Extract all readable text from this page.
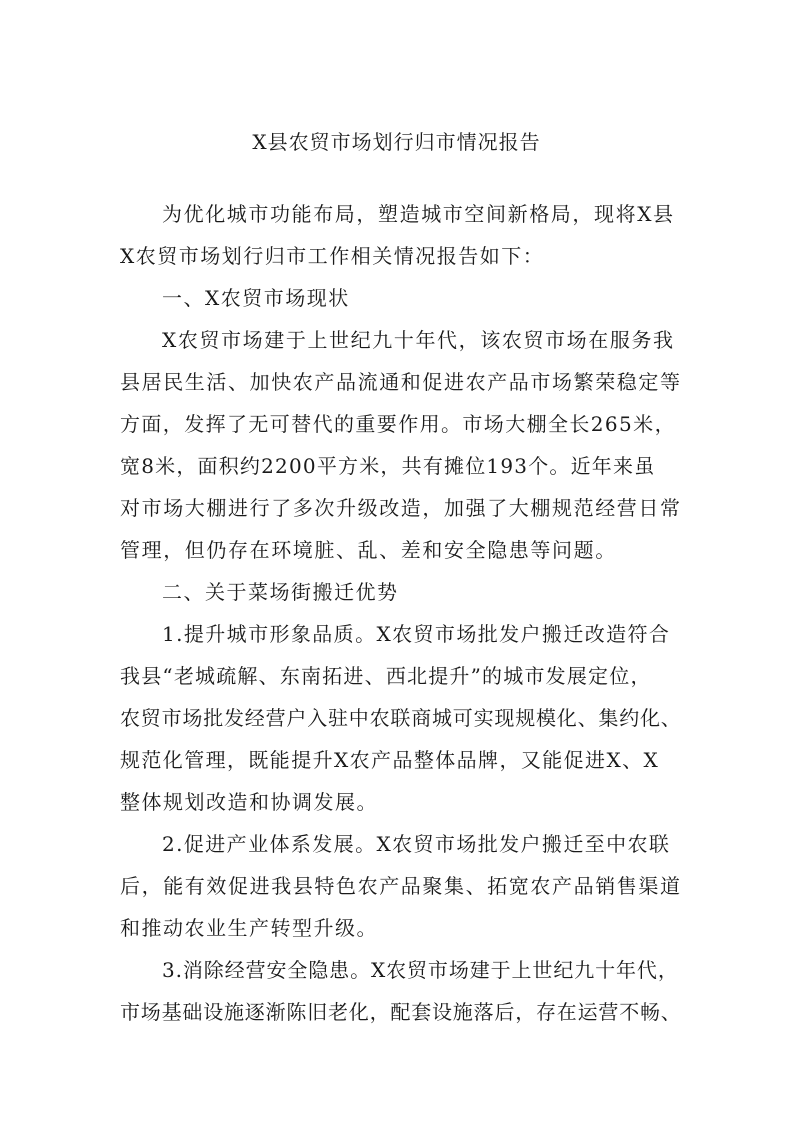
X县农贸市场划行归市情况报告
为优化城市功能布局，塑造城市空间新格局，现将X县
X农贸市场划行归市工作相关情况报告如下：
一、X农贸市场现状
X农贸市场建于上世纪九十年代，该农贸市场在服务我
县居民生活、加快农产品流通和促进农产品市场繁荣稳定等
方面，发挥了无可替代的重要作用。市场大棚全长265米，
宽8米，面积约2200平方米，共有摊位193个。近年来虽
对市场大棚进行了多次升级改造，加强了大棚规范经营日常
管理，但仍存在环境脏、乱、差和安全隐患等问题。
二、关于菜场街搬迁优势
1.提升城市形象品质。X农贸市场批发户搬迁改造符合
我县“老城疏解、东南拓进、西北提升”的城市发展定位，
农贸市场批发经营户入驻中农联商城可实现规模化、集约化、
规范化管理，既能提升X农产品整体品牌，又能促进X、X
整体规划改造和协调发展。
2.促进产业体系发展。X农贸市场批发户搬迁至中农联
后，能有效促进我县特色农产品聚集、拓宽农产品销售渠道
和推动农业生产转型升级。
3.消除经营安全隐患。X农贸市场建于上世纪九十年代，
市场基础设施逐渐陈旧老化，配套设施落后，存在运营不畅、
